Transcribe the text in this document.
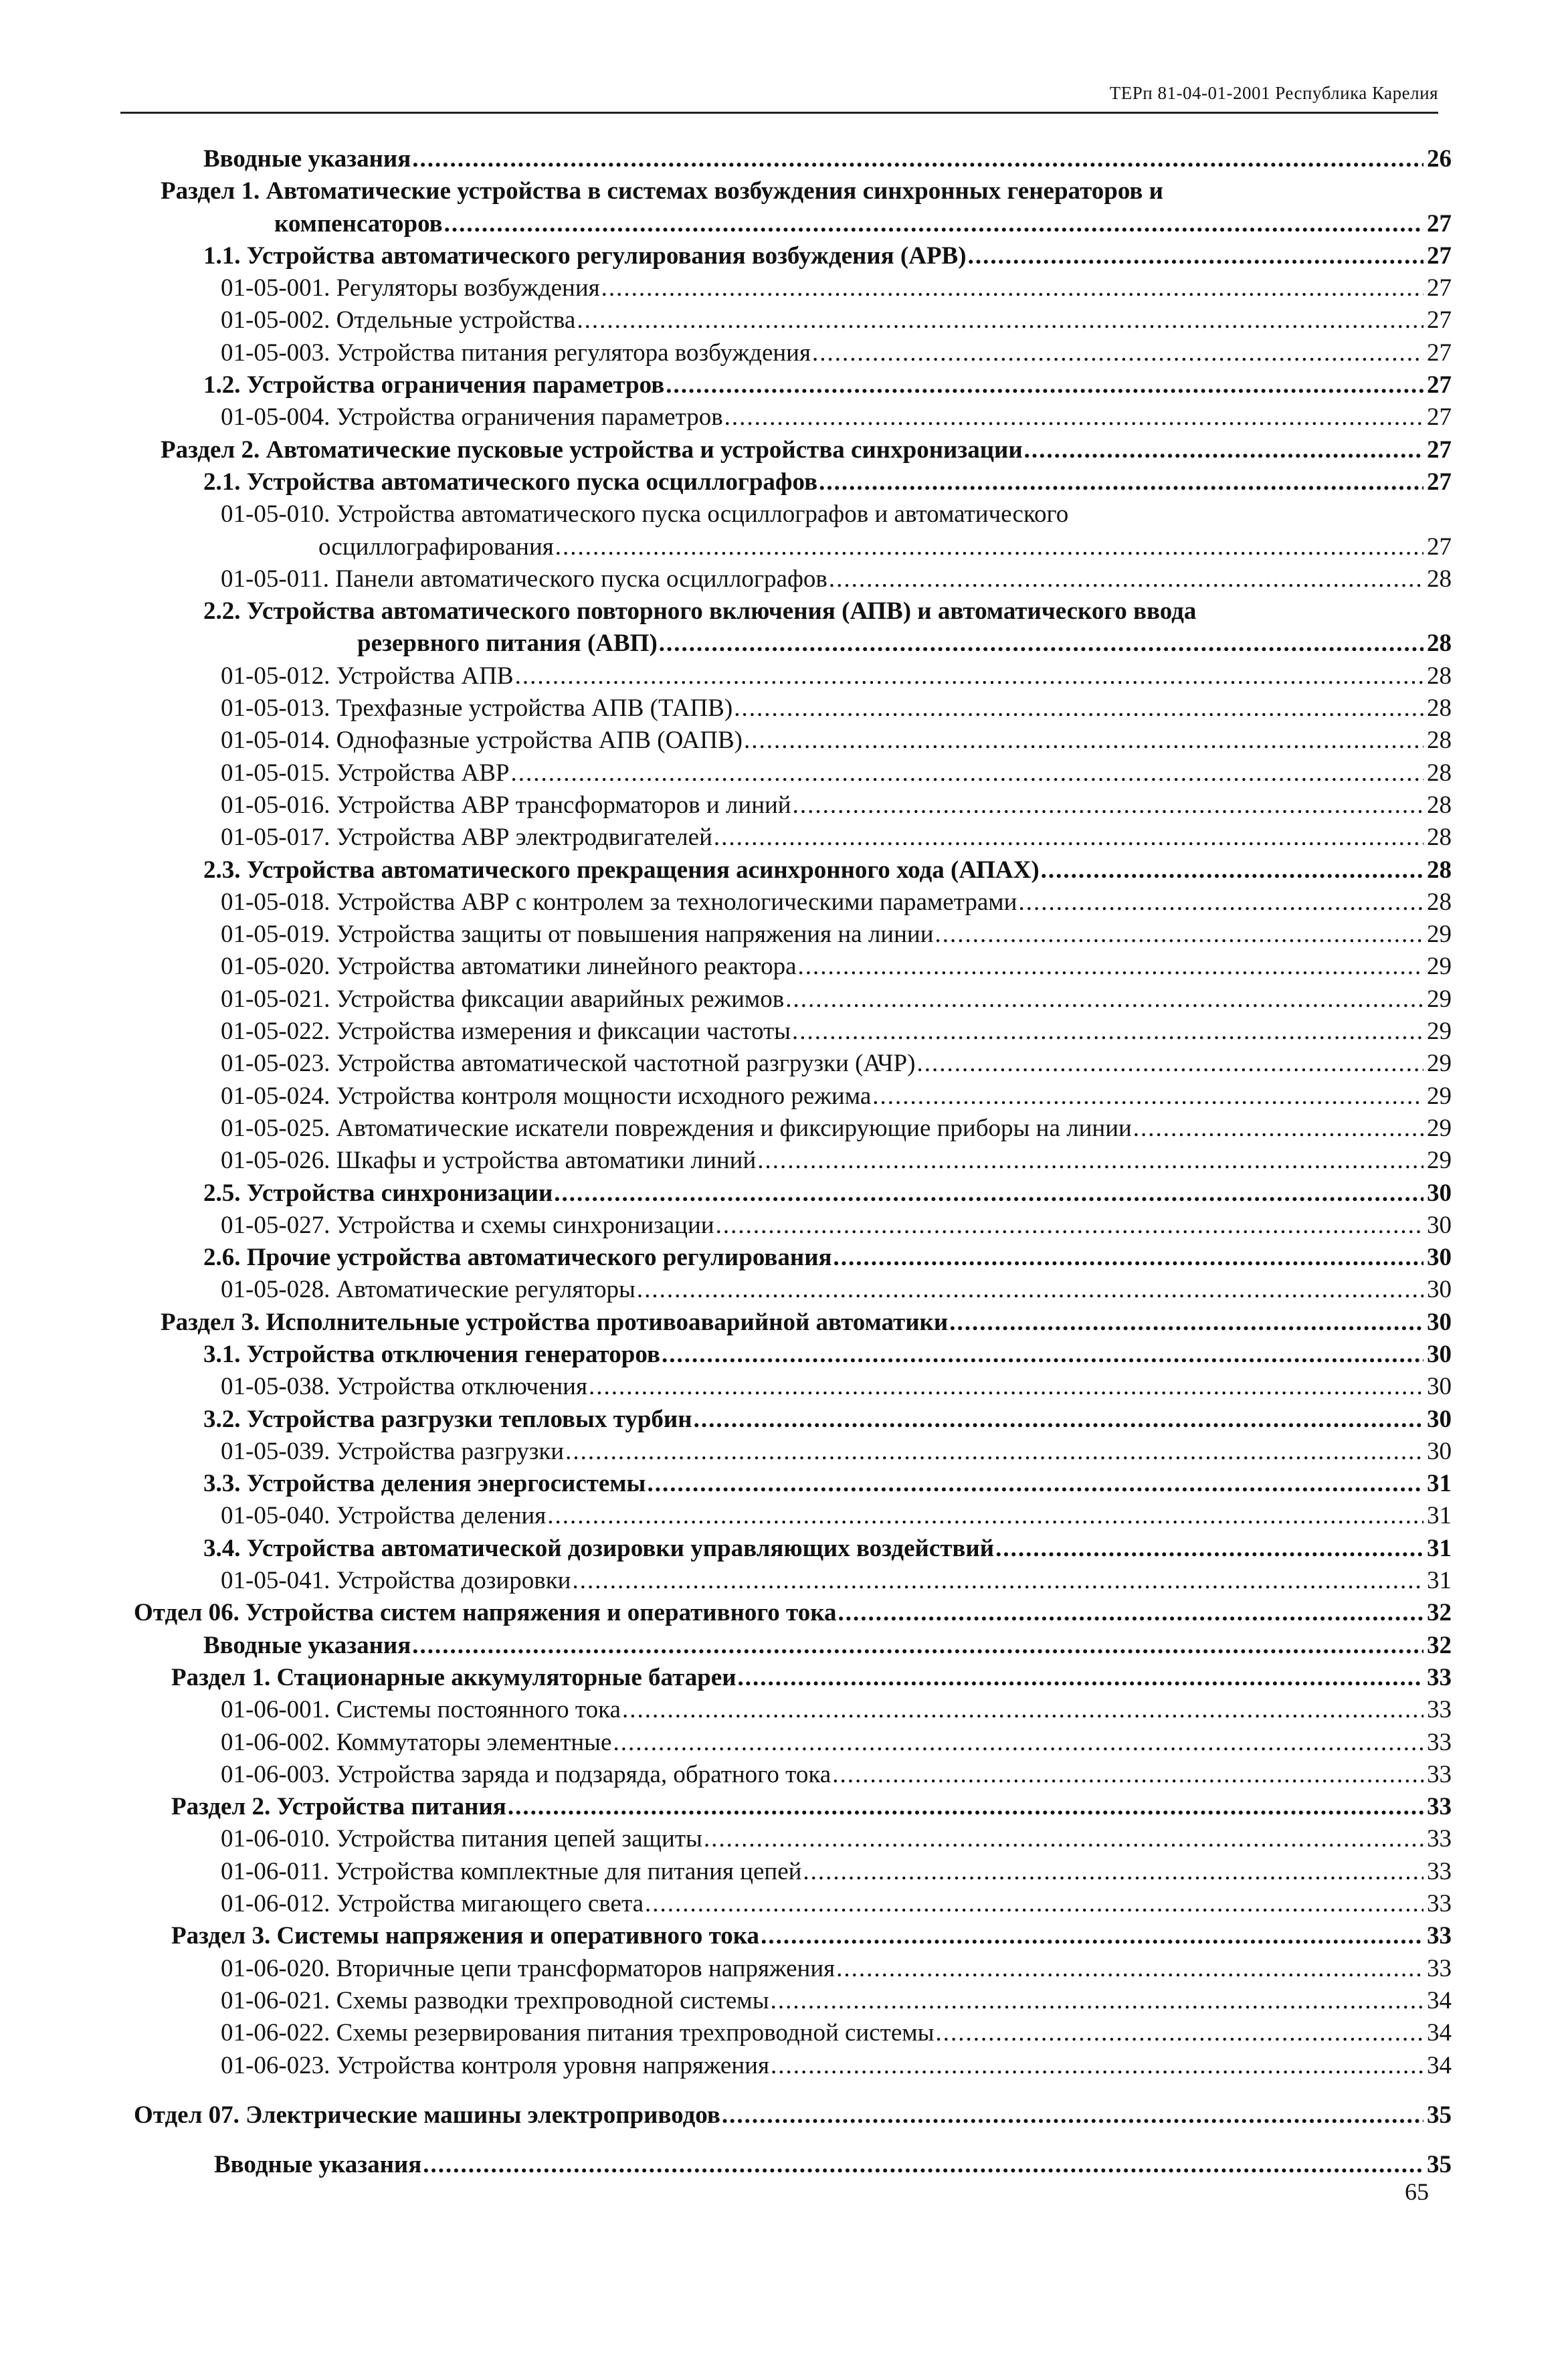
ТЕРп 81-04-01-2001 Республика Карелия
Вводные указания .....	26
Раздел 1. Автоматические устройства в системах возбуждения синхронных генераторов и
компенсаторов .....	27
1.1. Устройства автоматического регулирования возбуждения (АРВ) .....	27
01-05-001. Регуляторы возбуждения .....	27
01-05-002. Отдельные устройства .....	27
01-05-003. Устройства питания регулятора возбуждения .....	27
1.2. Устройства ограничения параметров .....	27
01-05-004. Устройства ограничения параметров .....	27
Раздел 2. Автоматические пусковые устройства и устройства синхронизации .....	27
2.1. Устройства автоматического пуска осциллографов .....	27
01-05-010. Устройства автоматического пуска осциллографов и автоматического
осциллографирования .....	27
01-05-011. Панели автоматического пуска осциллографов .....	28
2.2. Устройства автоматического повторного включения (АПВ) и автоматического ввода
резервного питания (АВП) .....	28
01-05-012. Устройства АПВ .....	28
01-05-013. Трехфазные устройства АПВ (ТАПВ) .....	28
01-05-014. Однофазные устройства АПВ (ОАПВ) .....	28
01-05-015. Устройства АВР .....	28
01-05-016. Устройства АВР трансформаторов и линий .....	28
01-05-017. Устройства АВР электродвигателей .....	28
2.3. Устройства автоматического прекращения асинхронного хода (АПАХ) .....	28
01-05-018. Устройства АВР с контролем за технологическими параметрами .....	28
01-05-019. Устройства защиты от повышения напряжения на линии .....	29
01-05-020. Устройства автоматики линейного реактора .....	29
01-05-021. Устройства фиксации аварийных режимов .....	29
01-05-022. Устройства измерения и фиксации частоты .....	29
01-05-023. Устройства автоматической частотной разгрузки (АЧР) .....	29
01-05-024. Устройства контроля мощности исходного режима .....	29
01-05-025. Автоматические искатели повреждения и фиксирующие приборы на линии .....	29
01-05-026. Шкафы и устройства автоматики линий .....	29
2.5. Устройства синхронизации .....	30
01-05-027. Устройства и схемы синхронизации .....	30
2.6. Прочие устройства автоматического регулирования .....	30
01-05-028. Автоматические регуляторы .....	30
Раздел 3. Исполнительные устройства противоаварийной автоматики .....	30
3.1. Устройства отключения генераторов .....	30
01-05-038. Устройства отключения .....	30
3.2. Устройства разгрузки тепловых турбин .....	30
01-05-039. Устройства разгрузки .....	30
3.3. Устройства деления энергосистемы .....	31
01-05-040. Устройства деления .....	31
3.4. Устройства автоматической дозировки управляющих воздействий .....	31
01-05-041. Устройства дозировки .....	31
Отдел 06. Устройства систем напряжения и оперативного тока .....	32
Вводные указания .....	32
Раздел 1. Стационарные аккумуляторные батареи .....	33
01-06-001. Системы постоянного тока .....	33
01-06-002. Коммутаторы элементные .....	33
01-06-003. Устройства заряда и подзаряда, обратного тока .....	33
Раздел 2. Устройства питания .....	33
01-06-010. Устройства питания цепей защиты .....	33
01-06-011. Устройства комплектные для питания цепей .....	33
01-06-012. Устройства мигающего света .....	33
Раздел 3. Системы напряжения и оперативного тока .....	33
01-06-020. Вторичные цепи трансформаторов напряжения .....	33
01-06-021. Схемы разводки трехпроводной системы .....	34
01-06-022. Схемы резервирования питания трехпроводной системы .....	34
01-06-023. Устройства контроля уровня напряжения .....	34
Отдел 07. Электрические машины электроприводов .....	35
Вводные указания .....	35
65
